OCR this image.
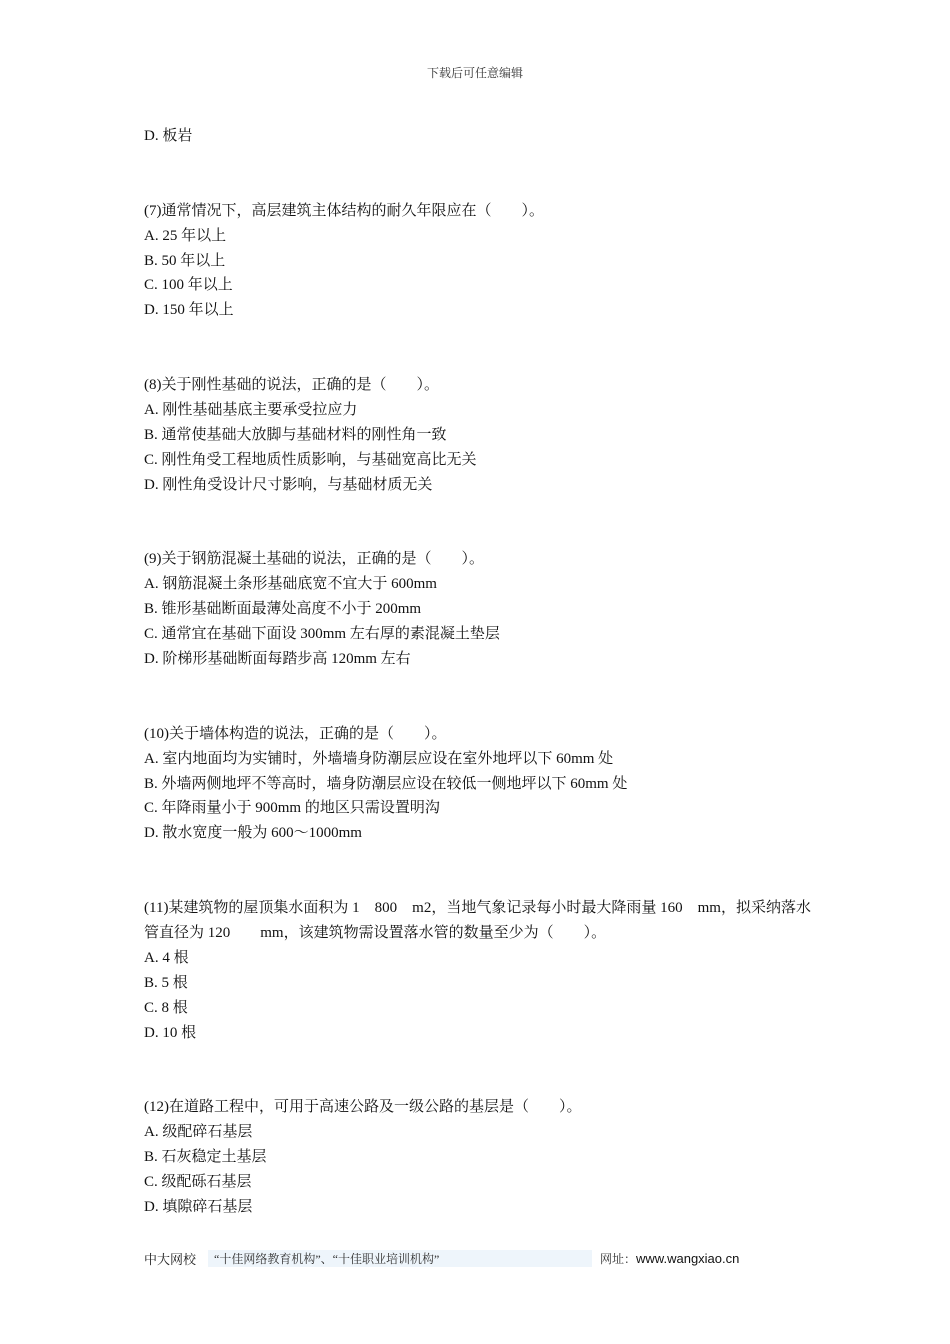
下载后可任意编辑
D. 板岩
(7)通常情况下，高层建筑主体结构的耐久年限应在（　　）。
A. 25 年以上
B. 50 年以上
C. 100 年以上
D. 150 年以上
(8)关于刚性基础的说法，正确的是（　　）。
A. 刚性基础基底主要承受拉应力
B. 通常使基础大放脚与基础材料的刚性角一致
C. 刚性角受工程地质性质影响，与基础宽高比无关
D. 刚性角受设计尺寸影响，与基础材质无关
(9)关于钢筋混凝土基础的说法，正确的是（　　）。
A. 钢筋混凝土条形基础底宽不宜大于 600mm
B. 锥形基础断面最薄处高度不小于 200mm
C. 通常宜在基础下面设 300mm 左右厚的素混凝土垫层
D. 阶梯形基础断面每踏步高 120mm 左右
(10)关于墙体构造的说法，正确的是（　　）。
A. 室内地面均为实铺时，外墙墙身防潮层应设在室外地坪以下 60mm 处
B. 外墙两侧地坪不等高时，墙身防潮层应设在较低一侧地坪以下 60mm 处
C. 年降雨量小于 900mm 的地区只需设置明沟
D. 散水宽度一般为 600～1000mm
(11)某建筑物的屋顶集水面积为 1　800　m2，当地气象记录每小时最大降雨量 160　mm，拟采纳落水管直径为 120　　mm，该建筑物需设置落水管的数量至少为（　　）。
A. 4 根
B. 5 根
C. 8 根
D. 10 根
(12)在道路工程中，可用于高速公路及一级公路的基层是（　　）。
A. 级配碎石基层
B. 石灰稳定土基层
C. 级配砾石基层
D. 填隙碎石基层
中大网校	“十佳网络教育机构”、“十佳职业培训机构”	网址： www.wangxiao.cn
